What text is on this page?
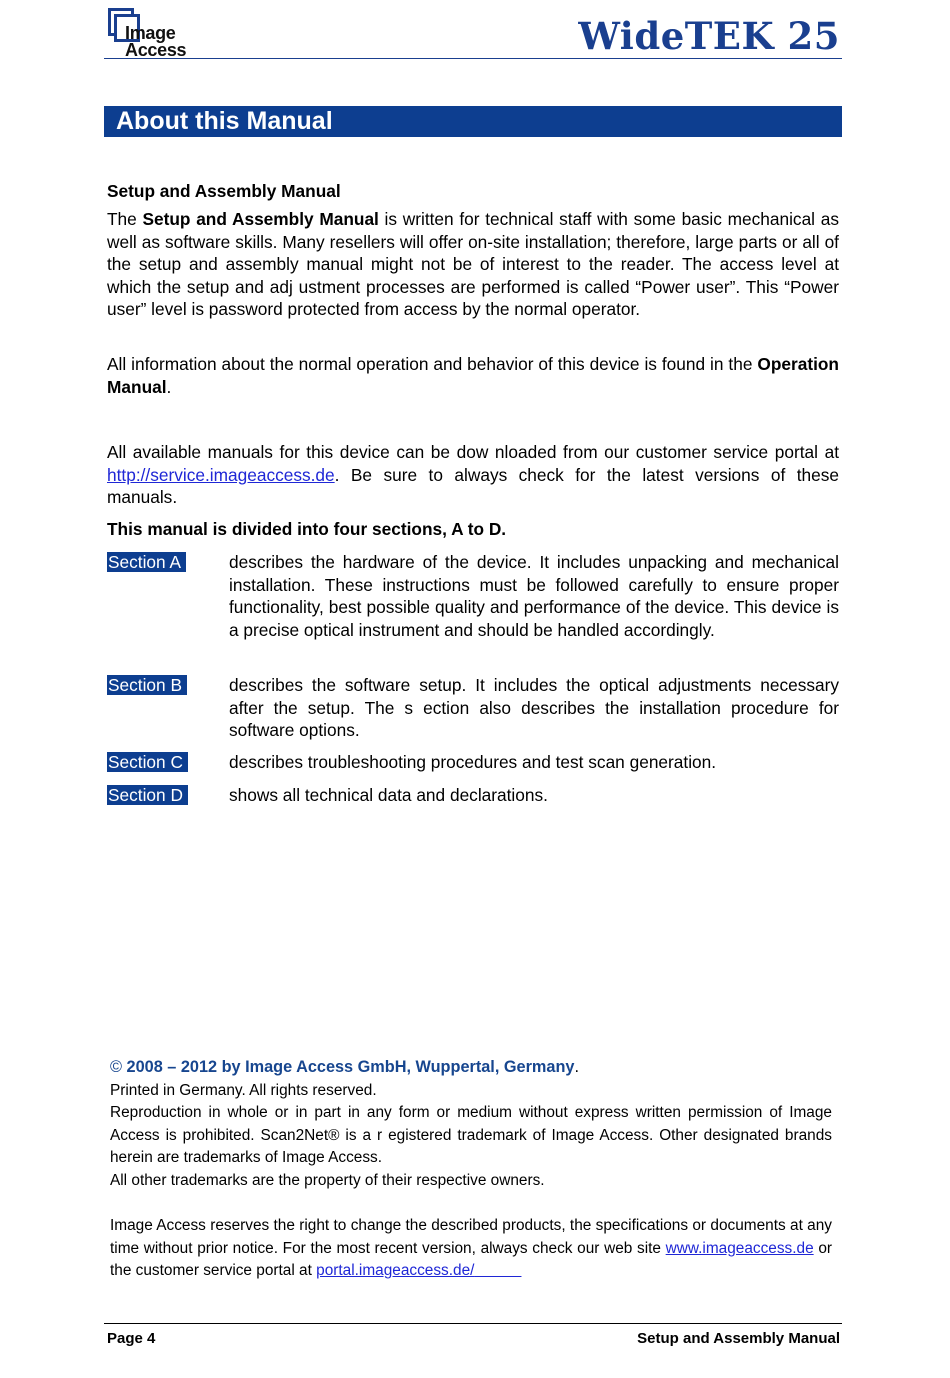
Image
Access	WideTEK 25
About this Manual
Setup and Assembly Manual
The Setup and Assembly Manual is written for technical staff with some basic mechanical as well as software skills. Many resellers will offer on-site installation; therefore, large parts or all of the setup and assembly manual might not be of interest to the reader. The access level at which the setup and adj ustment processes are performed is called “Power user”. This “Power user” level is password protected from access by the normal operator.
All information about the normal operation and behavior of this device is found in the Operation Manual.
All available manuals for this device can be dow nloaded from our customer service portal at http://service.imageaccess.de. Be sure to always check for the latest versions of these manuals.
This manual is divided into four sections, A to D.
Section A	describes the hardware of the device. It includes unpacking and mechanical installation. These instructions must be followed carefully to ensure proper functionality, best possible quality and performance of the device. This device is a precise optical instrument and should be handled accordingly.
Section B	describes the software setup. It includes the optical adjustments necessary after the setup. The s ection also describes the installation procedure for software options.
Section C	describes troubleshooting procedures and test scan generation.
Section D	shows all technical data and declarations.
© 2008 – 2012 by Image Access GmbH, Wuppertal, Germany.
Printed in Germany. All rights reserved.
Reproduction in whole or in part in any form or medium without express written permission of Image Access is prohibited. Scan2Net® is a r egistered trademark of Image Access. Other designated brands herein are trademarks of Image Access.
All other trademarks are the property of their respective owners.
Image Access reserves the right to change the described products, the specifications or documents at any time without prior notice. For the most recent version, always check our web site www.imageaccess.de or the customer service portal at portal.imageaccess.de/
Page 4	Setup and Assembly Manual
